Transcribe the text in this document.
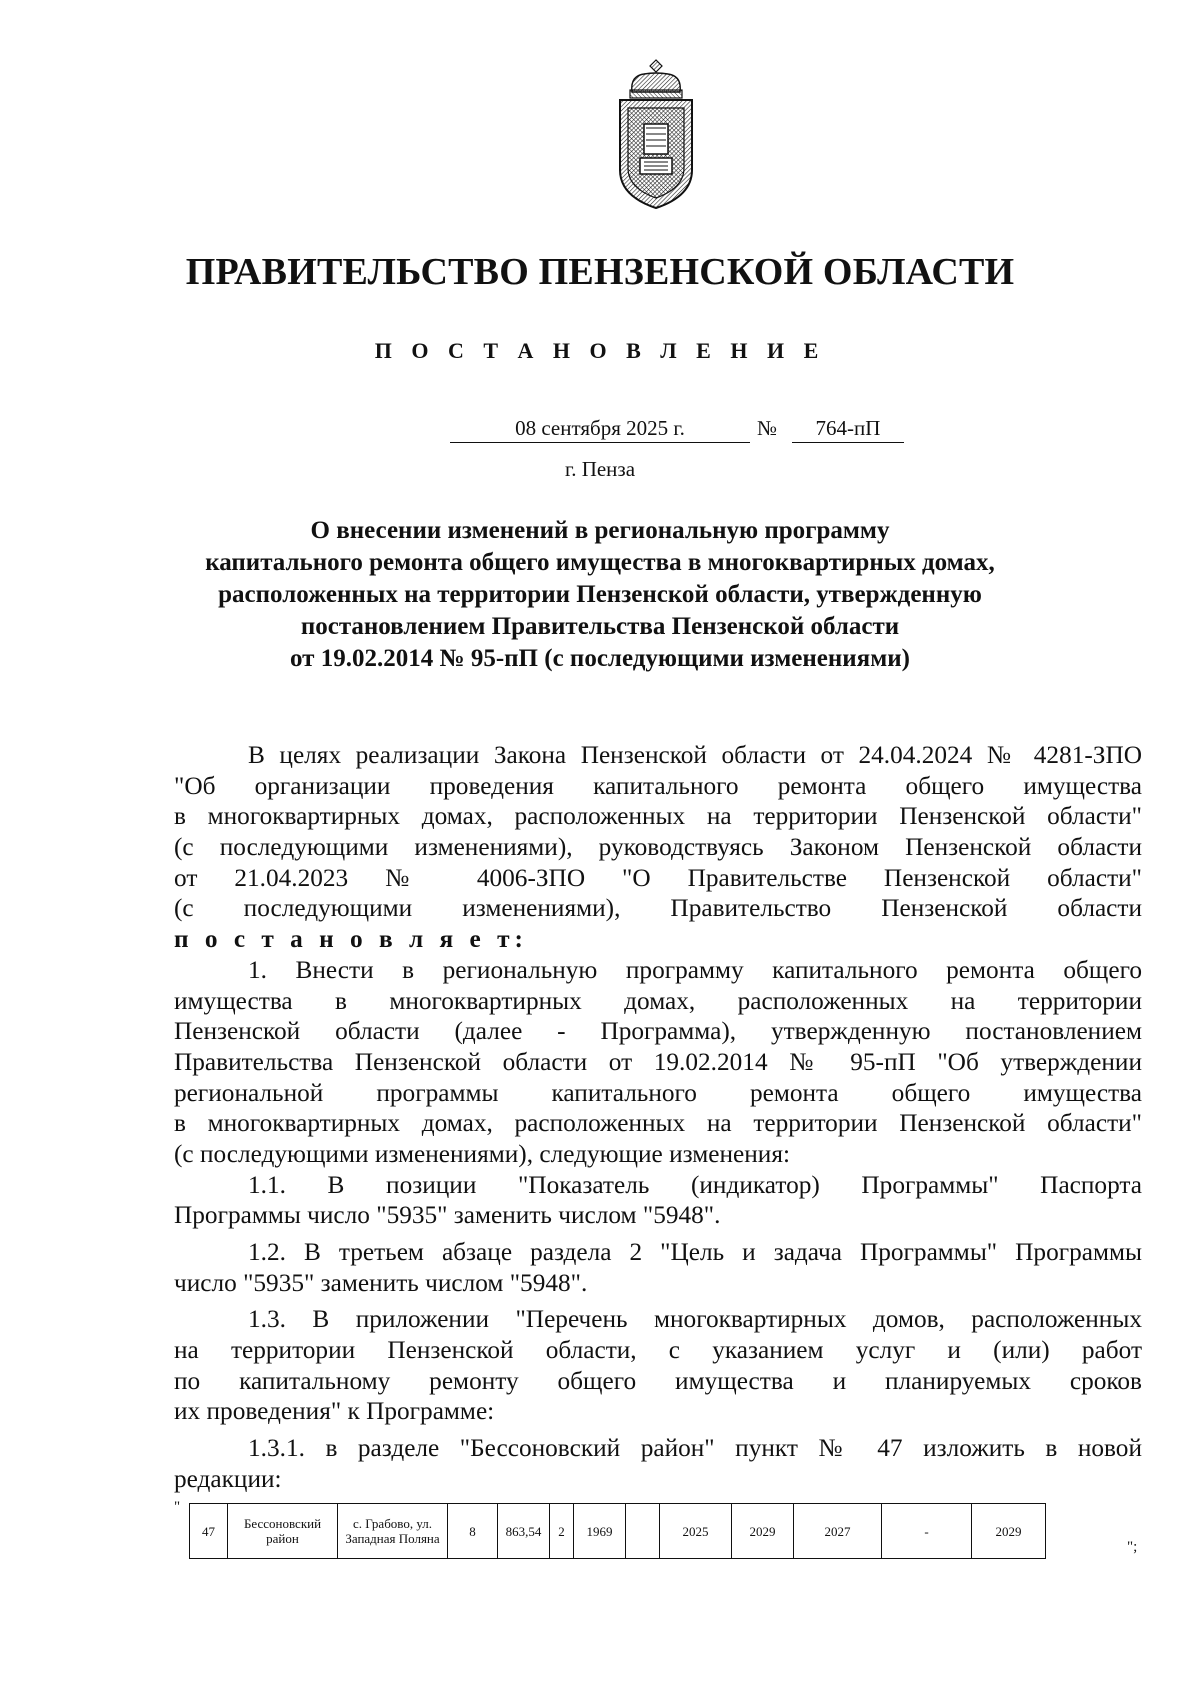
ПРАВИТЕЛЬСТВО ПЕНЗЕНСКОЙ ОБЛАСТИ
П О С Т А Н О В Л Е Н И Е
08 сентября 2025 г.	№	764-пП
г. Пенза
О внесении изменений в региональную программу
капитального ремонта общего имущества в многоквартирных домах,
расположенных на территории Пензенской области, утвержденную
постановлением Правительства Пензенской области
от 19.02.2014 № 95-пП (с последующими изменениями)
В целях реализации Закона Пензенской области от 24.04.2024 № 4281-ЗПО
"Об организации проведения капитального ремонта общего имущества
в многоквартирных домах, расположенных на территории Пензенской области"
(с последующими изменениями), руководствуясь Законом Пензенской области
от 21.04.2023 № 4006-ЗПО "О Правительстве Пензенской области"
(с последующими изменениями), Правительство Пензенской области
п о с т а н о в л я е т:
1. Внести в региональную программу капитального ремонта общего
имущества в многоквартирных домах, расположенных на территории
Пензенской области (далее - Программа), утвержденную постановлением
Правительства Пензенской области от 19.02.2014 № 95-пП "Об утверждении
региональной программы капитального ремонта общего имущества
в многоквартирных домах, расположенных на территории Пензенской области"
(с последующими изменениями), следующие изменения:
1.1. В позиции "Показатель (индикатор) Программы" Паспорта
Программы число "5935" заменить числом "5948".
1.2. В третьем абзаце раздела 2 "Цель и задача Программы" Программы
число "5935" заменить числом "5948".
1.3. В приложении "Перечень многоквартирных домов, расположенных
на территории Пензенской области, с указанием услуг и (или) работ
по капитальному ремонту общего имущества и планируемых сроков
их проведения" к Программе:
1.3.1. в разделе "Бессоновский район" пункт № 47 изложить в новой
редакции:
"
47	Бессоновский район	с. Грабово, ул. Западная Поляна	8	863,54	2	1969		2025	2029	2027	-	2029
";
